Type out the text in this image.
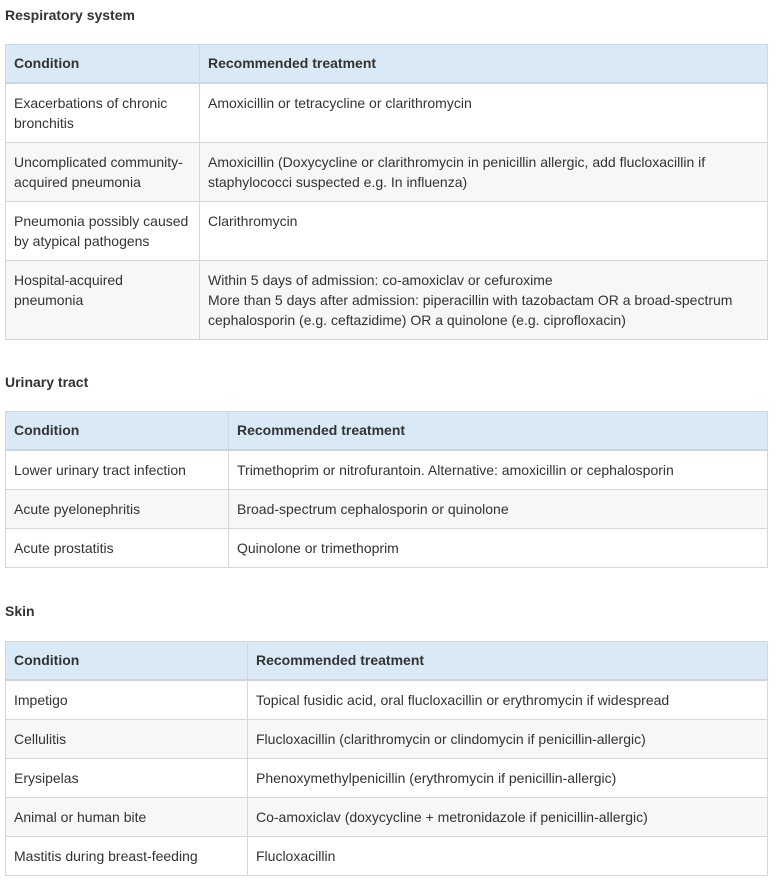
Respiratory system
Condition	Recommended treatment
Exacerbations of chronic bronchitis	Amoxicillin or tetracycline or clarithromycin

Uncomplicated community-acquired pneumonia	Amoxicillin (Doxycycline or clarithromycin in penicillin allergic, add flucloxacillin if staphylococci suspected e.g. In influenza)

Pneumonia possibly caused by atypical pathogens	Clarithromycin

Hospital-acquired pneumonia	Within 5 days of admission: co-amoxiclav or cefuroxime
More than 5 days after admission: piperacillin with tazobactam OR a broad-spectrum cephalosporin (e.g. ceftazidime) OR a quinolone (e.g. ciprofloxacin)
Urinary tract
Condition	Recommended treatment
Lower urinary tract infection	Trimethoprim or nitrofurantoin. Alternative: amoxicillin or cephalosporin

Acute pyelonephritis	Broad-spectrum cephalosporin or quinolone

Acute prostatitis	Quinolone or trimethoprim
Skin
Condition	Recommended treatment
Impetigo	Topical fusidic acid, oral flucloxacillin or erythromycin if widespread

Cellulitis	Flucloxacillin (clarithromycin or clindomycin if penicillin-allergic)

Erysipelas	Phenoxymethylpenicillin (erythromycin if penicillin-allergic)

Animal or human bite	Co-amoxiclav (doxycycline + metronidazole if penicillin-allergic)

Mastitis during breast-feeding	Flucloxacillin
